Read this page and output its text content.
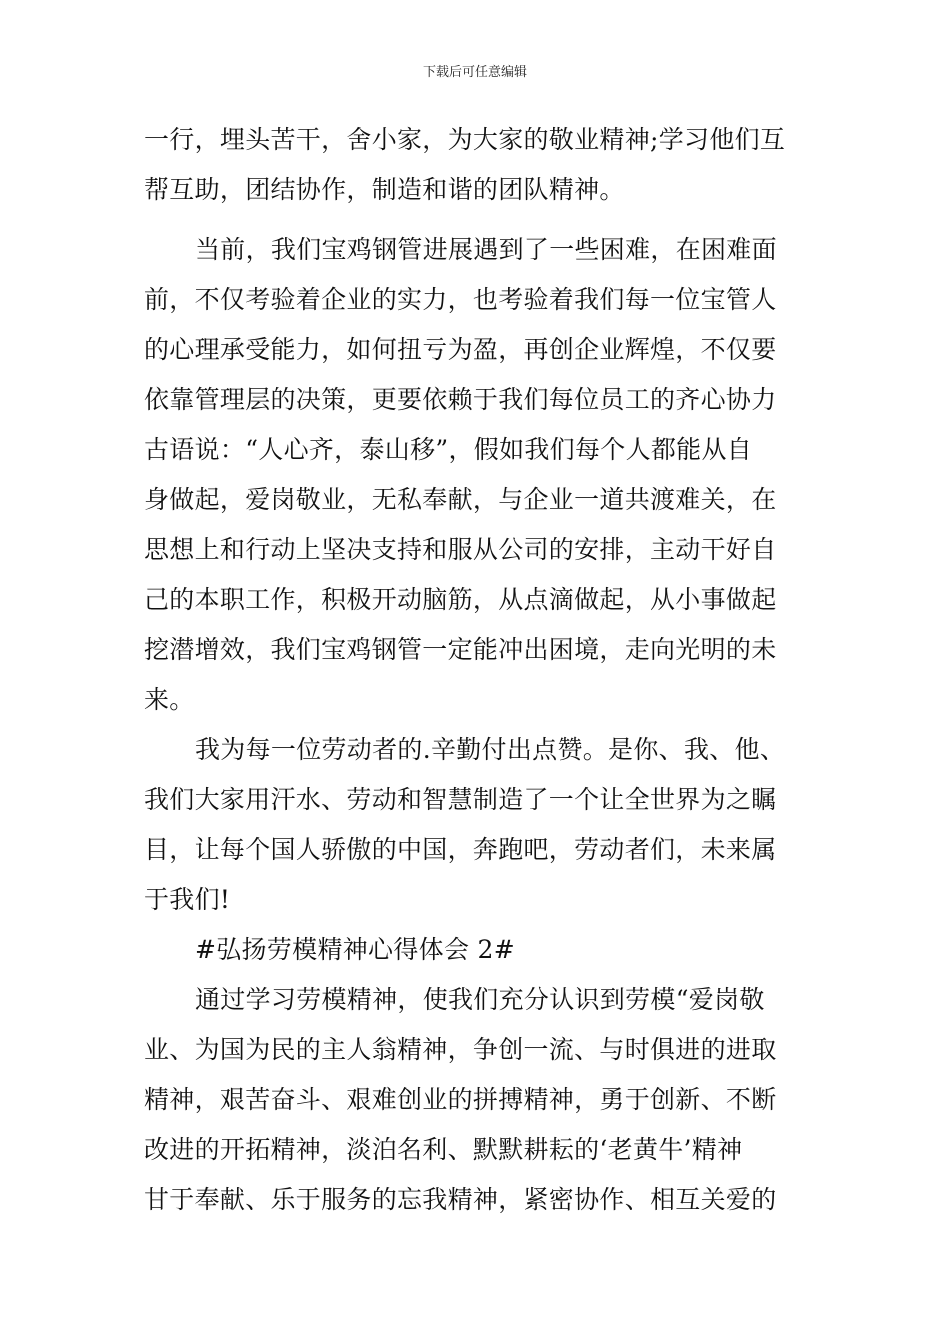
下载后可任意编辑
一行，埋头苦干，舍小家，为大家的敬业精神;学习他们互
帮互助，团结协作，制造和谐的团队精神。
当前，我们宝鸡钢管进展遇到了一些困难，在困难面
前，不仅考验着企业的实力，也考验着我们每一位宝管人
的心理承受能力，如何扭亏为盈，再创企业辉煌，不仅要
依靠管理层的决策，更要依赖于我们每位员工的齐心协力
古语说：“人心齐，泰山移”，假如我们每个人都能从自
身做起，爱岗敬业，无私奉献，与企业一道共渡难关，在
思想上和行动上坚决支持和服从公司的安排，主动干好自
己的本职工作，积极开动脑筋，从点滴做起，从小事做起
挖潜增效，我们宝鸡钢管一定能冲出困境，走向光明的未
来。
我为每一位劳动者的.辛勤付出点赞。是你、我、他、
我们大家用汗水、劳动和智慧制造了一个让全世界为之瞩
目，让每个国人骄傲的中国，奔跑吧，劳动者们，未来属
于我们!
#弘扬劳模精神心得体会 2#
通过学习劳模精神，使我们充分认识到劳模“爱岗敬
业、为国为民的主人翁精神，争创一流、与时俱进的进取
精神，艰苦奋斗、艰难创业的拼搏精神，勇于创新、不断
改进的开拓精神，淡泊名利、默默耕耘的‘老黄牛’精神
甘于奉献、乐于服务的忘我精神，紧密协作、相互关爱的
